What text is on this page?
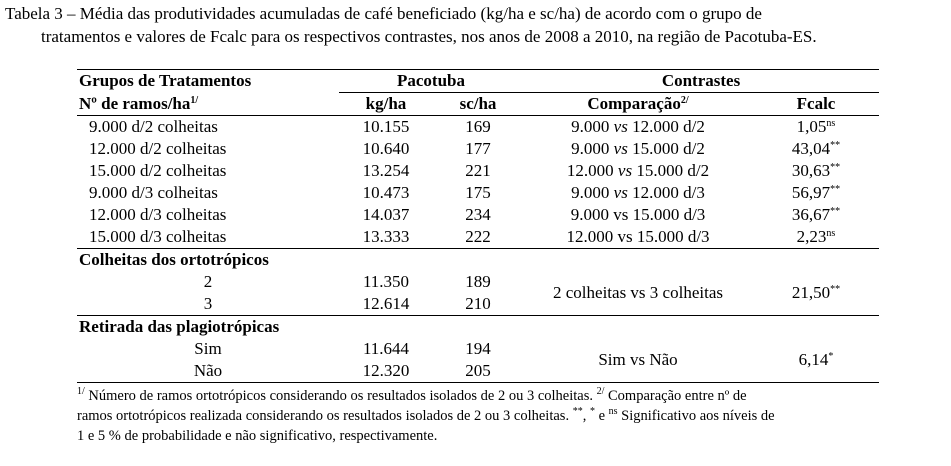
Tabela 3 – Média das produtividades acumuladas de café beneficiado (kg/ha e sc/ha) de acordo com o grupo de
tratamentos e valores de Fcalc para os respectivos contrastes, nos anos de 2008 a 2010, na região de Pacotuba-ES.
Grupos de Tratamentos	Pacotuba		Contrastes	
Nº de ramos/$ha^{1/}$	kg/ha	sc/ha	Comparação$^{2/}$	Fcalc
9.000 d/2 colheitas	10.155	169	9.000 vs 12.000 d/2	$1,05^{ns}$
12.000 d/2 colheitas	10.640	177	9.000 vs 15.000 d/2	43,04**
15.000 d/2 colheitas	13.254	221	12.000 vs 15.000 d/2	30,63**
9.000 d/3 colheitas	10.473	175	9.000 vs 12.000 d/3	56,97**
12.000 d/3 colheitas	14.037	234	9.000 vs 15.000 d/3	36,67**
15.000 d/3 colheitas	13.333	222	12.000 vs 15.000 d/3	$2,23^{ns}$
Colheitas dos ortotrópicos				
2	11.350	189	2 colheitas vs 3 colheitas	21,50**
3	12.614	210		
Retirada das plagiotrópicas				
Sim	11.644	194	Sim vs Não	6,14*
Não	12.320	205		
$^{1/}$ Número de ramos ortotrópicos considerando os resultados isolados de 2 ou 3 colheitas. $^{2/}$ Comparação entre nº de
ramos ortotrópicos realizada considerando os resultados isolados de 2 ou 3 colheitas. **, * e $^{ns}$ Significativo aos níveis de
1 e 5 % de probabilidade e não significativo, respectivamente.
